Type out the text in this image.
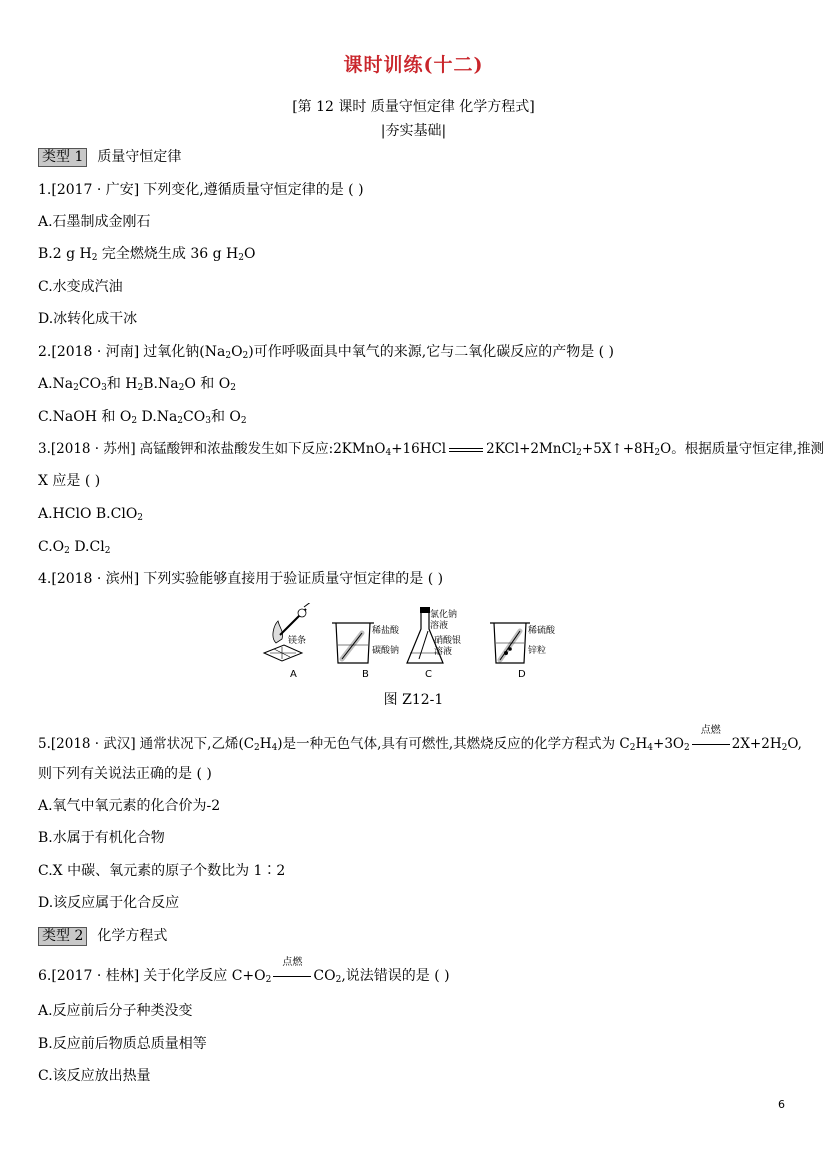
课时训练(十二)
[第 12 课时 质量守恒定律 化学方程式]
|夯实基础|
类型 1 质量守恒定律
1.[2017 · 广安] 下列变化,遵循质量守恒定律的是 ( )
A.石墨制成金刚石
B.2 g $H_2$ 完全燃烧生成 36 g $H_2O$
C.水变成汽油
D.冰转化成干冰
2.[2018 · 河南] 过氧化钠$(Na_2O_2)$可作呼吸面具中氧气的来源,它与二氧化碳反应的产物是 ( )
$A.Na_2CO_3$和 $H_2B.Na_2O$ 和 $O_2$
C.NaOH 和 $O_2$ $D.Na_2CO_3$和 $O_2$
3.[2018 · 苏州] 高锰酸钾和浓盐酸发生如下反应:2KMnO$_4$+16HCl	$2KCl+2MnCl_2+5X↑+8H_2O$。根据质量守恒定律,推测
X 应是 ( )
A.HClO B.ClO$_2$
$C.O_2$ $D.Cl_2$
4.[2018 · 滨州] 下列实验能够直接用于验证质量守恒定律的是 ( )
镁条
A
稀盐酸
碳酸钠
B
氯化钠
溶液
硝酸银
溶液
C
稀硫酸
锌粒
D
图 Z12-1
5.[2018 · 武汉] 通常状况下,乙烯$(C_2H_4)$是一种无色气体,具有可燃性,其燃烧反应的化学方程式为 $C_2H_4+3O_2$
点燃
$2X+2H_2O$,
则下列有关说法正确的是 ( )
A.氧气中氧元素的化合价为-2
B.水属于有机化合物
C.X 中碳、氧元素的原子个数比为 1∶2
D.该反应属于化合反应
类型 2 化学方程式
6.[2017 · 桂林] 关于化学反应 $C+O_2$
点燃
$CO_2$,说法错误的是 ( )
A.反应前后分子种类没变
B.反应前后物质总质量相等
C.该反应放出热量
6
